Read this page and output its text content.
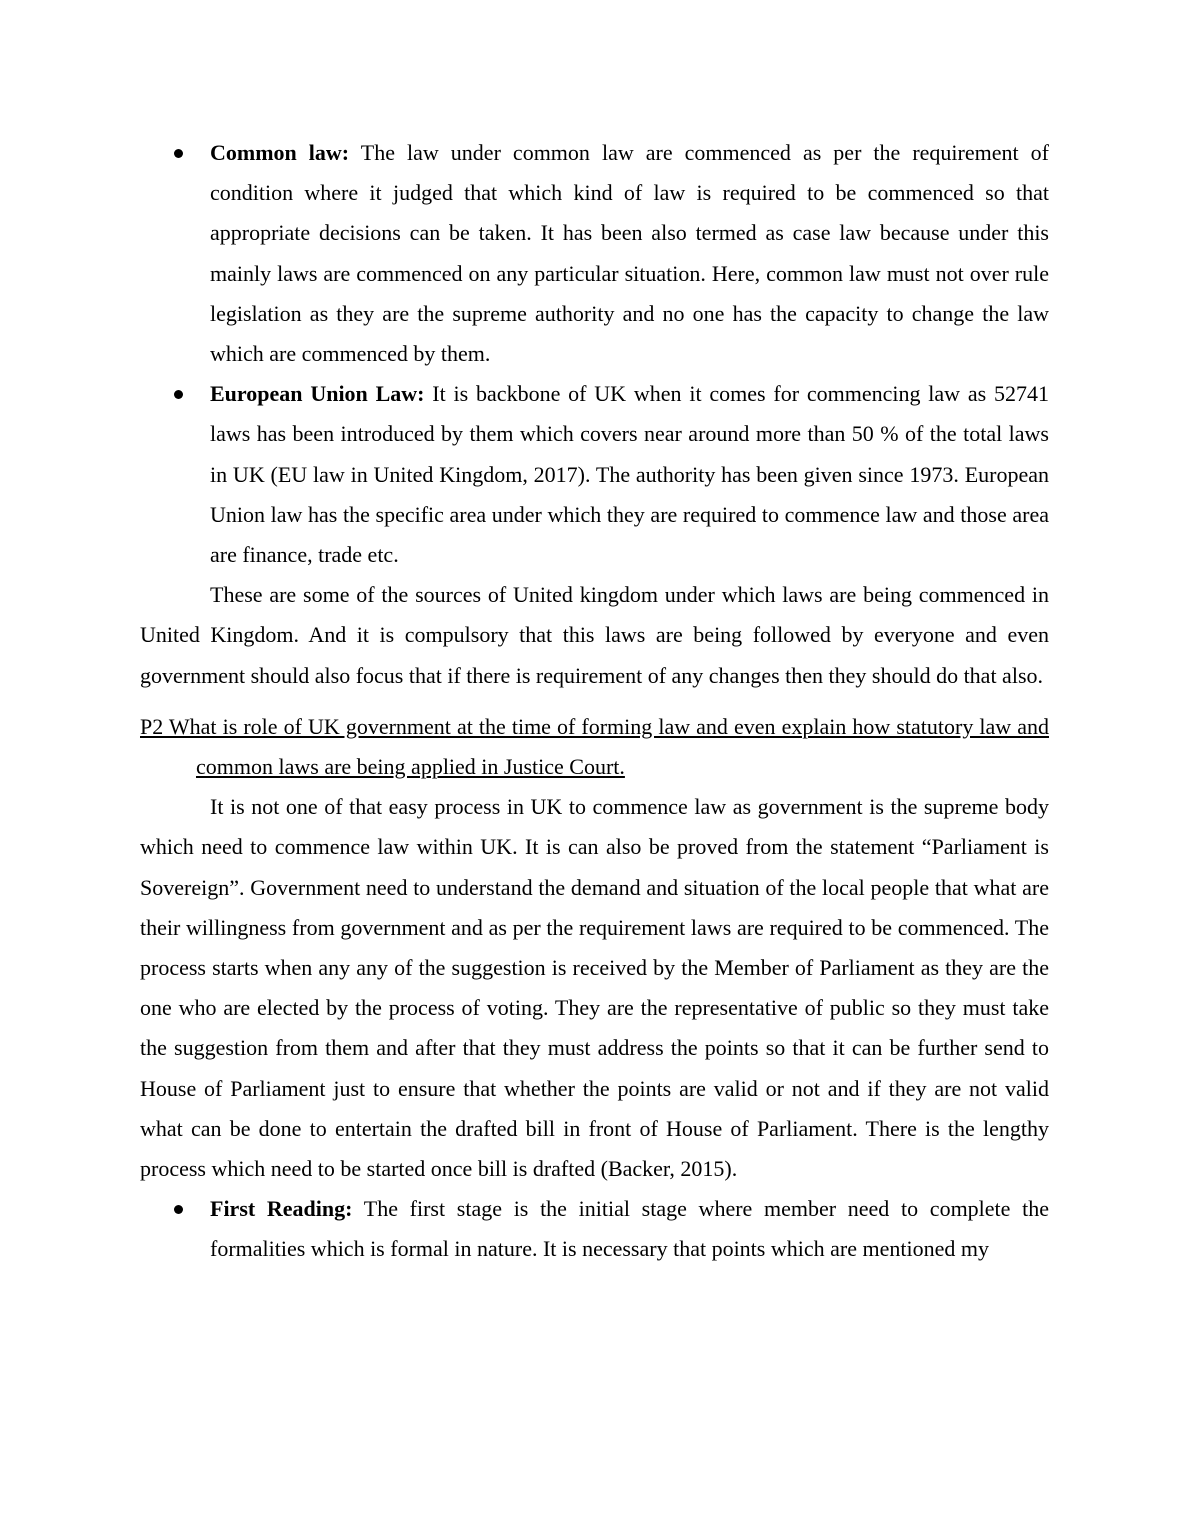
Common law: The law under common law are commenced as per the requirement of condition where it judged that which kind of law is required to be commenced so that appropriate decisions can be taken. It has been also termed as case law because under this mainly laws are commenced on any particular situation. Here, common law must not over rule legislation as they are the supreme authority and no one has the capacity to change the law which are commenced by them.
European Union Law: It is backbone of UK when it comes for commencing law as 52741 laws has been introduced by them which covers near around more than 50 % of the total laws in UK (EU law in United Kingdom, 2017). The authority has been given since 1973. European Union law has the specific area under which they are required to commence law and those area are finance, trade etc.

These are some of the sources of United kingdom under which laws are being commenced in United Kingdom. And it is compulsory that this laws are being followed by everyone and even government should also focus that if there is requirement of any changes then they should do that also.

P2 What is role of UK government at the time of forming law and even explain how statutory law and common laws are being applied in Justice Court.

It is not one of that easy process in UK to commence law as government is the supreme body which need to commence law within UK. It is can also be proved from the statement “Parliament is Sovereign”. Government need to understand the demand and situation of the local people that what are their willingness from government and as per the requirement laws are required to be commenced. The process starts when any any of the suggestion is received by the Member of Parliament as they are the one who are elected by the process of voting. They are the representative of public so they must take the suggestion from them and after that they must address the points so that it can be further send to House of Parliament just to ensure that whether the points are valid or not and if they are not valid what can be done to entertain the drafted bill in front of House of Parliament. There is the lengthy process which need to be started once bill is drafted (Backer, 2015).

First Reading: The first stage is the initial stage where member need to complete the formalities which is formal in nature. It is necessary that points which are mentioned my
